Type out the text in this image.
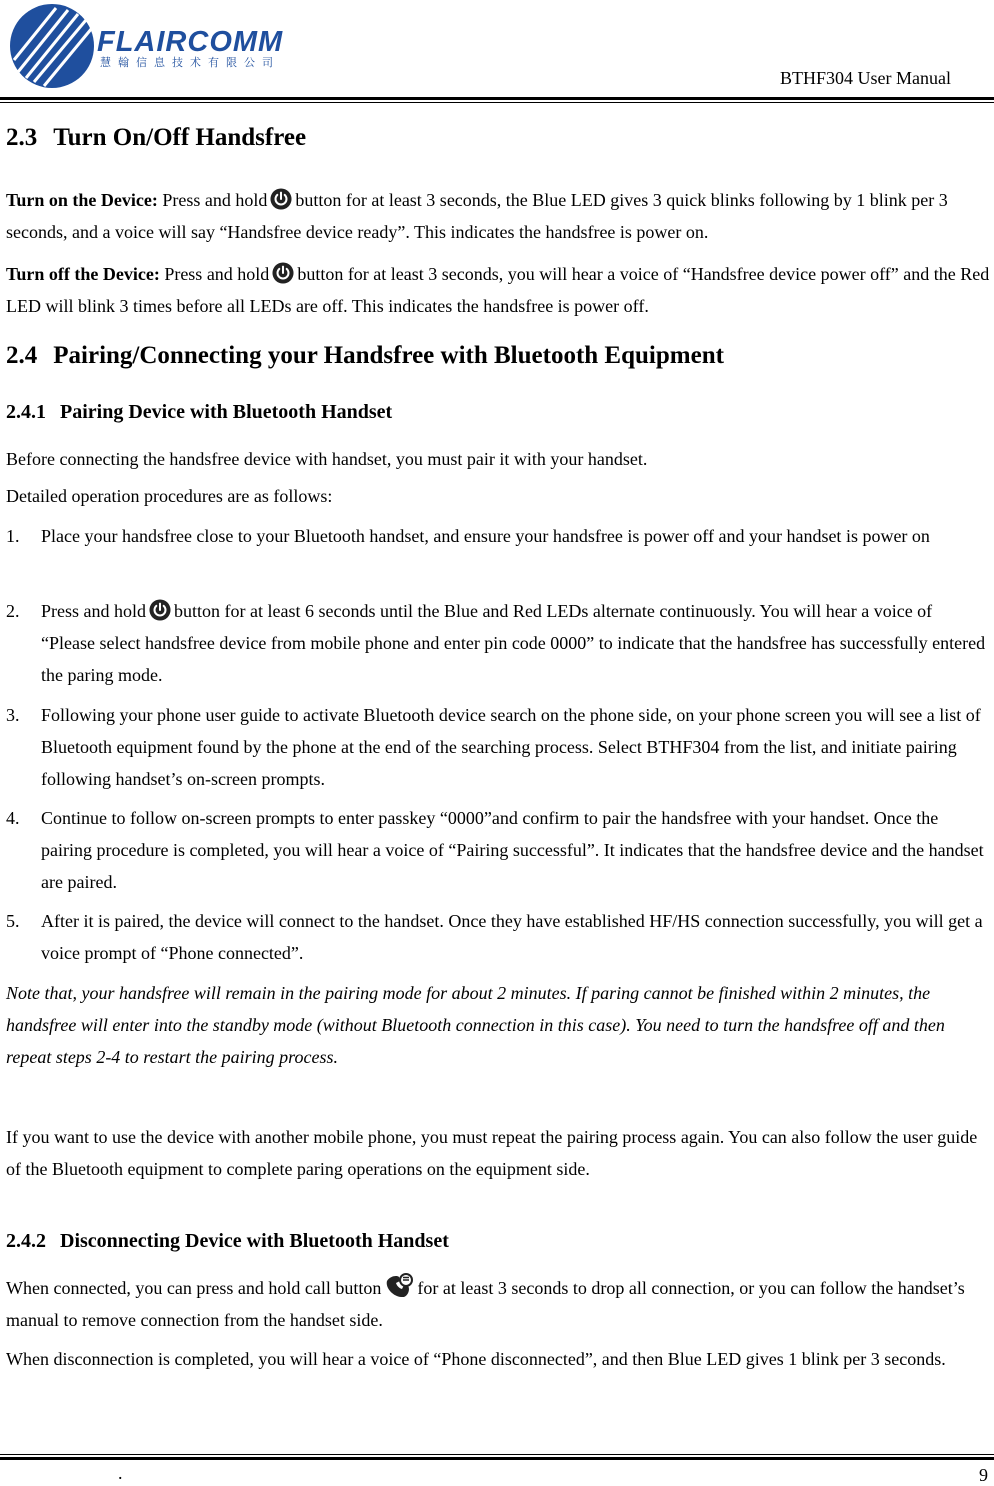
FLAIRCOMM
慧翰信息技术有限公司
BTHF304 User Manual
2.3 Turn On/Off Handsfree

Turn on the Device: Press and hold button for at least 3 seconds, the Blue LED gives 3 quick blinks following by 1 blink per 3 seconds, and a voice will say “Handsfree device ready”. This indicates the handsfree is power on.

Turn off the Device: Press and hold button for at least 3 seconds, you will hear a voice of “Handsfree device power off” and the Red LED will blink 3 times before all LEDs are off. This indicates the handsfree is power off.

2.4 Pairing/Connecting your Handsfree with Bluetooth Equipment
2.4.1 Pairing Device with Bluetooth Handset

Before connecting the handsfree device with handset, you must pair it with your handset.

Detailed operation procedures are as follows:

1.	Place your handsfree close to your Bluetooth handset, and ensure your handsfree is power off and your handset is power on
2.	Press and hold button for at least 6 seconds until the Blue and Red LEDs alternate continuously. You will hear a voice of “Please select handsfree device from mobile phone and enter pin code 0000” to indicate that the handsfree has successfully entered the paring mode.
3.	Following your phone user guide to activate Bluetooth device search on the phone side, on your phone screen you will see a list of Bluetooth equipment found by the phone at the end of the searching process. Select BTHF304 from the list, and initiate pairing following handset’s on-screen prompts.
4.	Continue to follow on-screen prompts to enter passkey “0000”and confirm to pair the handsfree with your handset. Once the pairing procedure is completed, you will hear a voice of “Pairing successful”. It indicates that the handsfree device and the handset are paired.
5.	After it is paired, the device will connect to the handset. Once they have established HF/HS connection successfully, you will get a voice prompt of “Phone connected”.

Note that, your handsfree will remain in the pairing mode for about 2 minutes. If paring cannot be finished within 2 minutes, the handsfree will enter into the standby mode (without Bluetooth connection in this case). You need to turn the handsfree off and then repeat steps 2-4 to restart the pairing process.

If you want to use the device with another mobile phone, you must repeat the pairing process again. You can also follow the user guide of the Bluetooth equipment to complete paring operations on the equipment side.

2.4.2 Disconnecting Device with Bluetooth Handset

When connected, you can press and hold call button for at least 3 seconds to drop all connection, or you can follow the handset’s manual to remove connection from the handset side.

When disconnection is completed, you will hear a voice of “Phone disconnected”, and then Blue LED gives 1 blink per 3 seconds.

.	9
